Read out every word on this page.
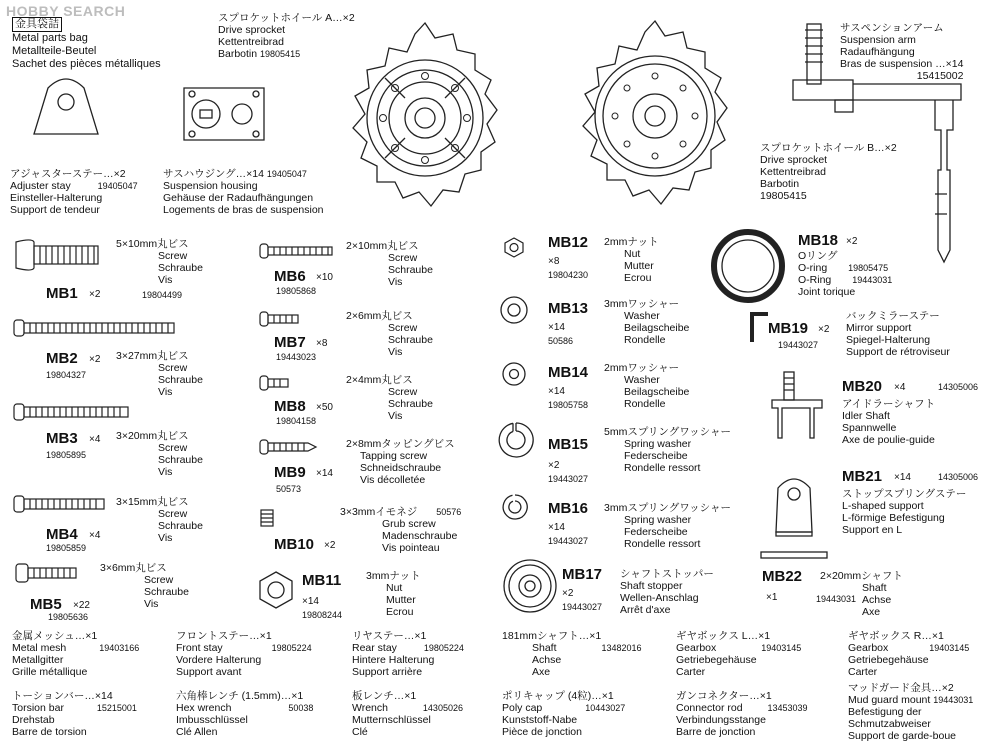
HOBBY SEARCH
金具袋詰
Metal parts bag
Metallteile-Beutel
Sachet des pièces métalliques
スプロケットホイール A…×2
Drive sprocket
Kettentreibrad
Barbotin 19805415
サスペンションアーム
Suspension arm
Radaufhängung
Bras de suspension …×14
15415002
アジャスターステー…×2
Adjuster stay	19405047
Einsteller-Halterung
Support de tendeur
サスハウジング…×14 19405047
Suspension housing
Gehäuse der Radaufhängungen
Logements de bras de suspension
スプロケットホイール B…×2
Drive sprocket
Kettentreibrad
Barbotin
19805415
MB1 ×2
5×10mm丸ビス
Screw
Schraube
Vis
19804499
MB2 ×2 3×27mm丸ビス
Screw
Schraube
Vis
19804327
MB3 ×4 3×20mm丸ビス
Screw
Schraube
Vis
19805895
MB4 ×4
3×15mm丸ビス
Screw
Schraube
Vis
19805859
MB5 ×22
3×6mm丸ビス
Screw
Schraube
Vis
19805636
MB6 ×10
2×10mm丸ビス
Screw
Schraube
Vis
19805868
MB7 ×8
2×6mm丸ビス
Screw
Schraube
Vis
19443023
MB8 ×50
2×4mm丸ビス
Screw
Schraube
Vis
19804158
MB9 ×14
2×8mmタッピングビス
Tapping screw
Schneidschraube
Vis décolletée
50573
MB10 ×2
3×3mmイモネジ 50576
Grub screw
Madenschraube
Vis pointeau
MB11
×14
19808244
3mmナット
Nut
Mutter
Ecrou
MB12
×8
19804230
2mmナット
Nut
Mutter
Ecrou
MB13
×14
50586
3mmワッシャー
Washer
Beilagscheibe
Rondelle
MB14
×14
19805758
2mmワッシャー
Washer
Beilagscheibe
Rondelle
MB15
×2
19443027
5mmスプリングワッシャー
Spring washer
Federscheibe
Rondelle ressort
MB16
×14
19443027
3mmスプリングワッシャー
Spring washer
Federscheibe
Rondelle ressort
MB17
×2
19443027
シャフトストッパー
Shaft stopper
Wellen-Anschlag
Arrêt d'axe
MB18 ×2
Oリング
O-ring 19805475
O-Ring 19443031
Joint torique
MB19 ×2
19443027
バックミラーステー
Mirror support
Spiegel-Halterung
Support de rétroviseur
MB20 ×4	14305006
アイドラーシャフト
Idler Shaft
Spannwelle
Axe de poulie-guide
MB21 ×14	14305006
ストップスプリングステー
L-shaped support
L-förmige Befestigung
Support en L
MB22
×1	19443031
2×20mmシャフト
Shaft
Achse
Axe
金属メッシュ…×1
Metal mesh	19403166
Metallgitter
Grille métallique
フロントステー…×1
Front stay	19805224
Vordere Halterung
Support avant
リヤステー…×1
Rear stay	19805224
Hintere Halterung
Support arrière
181mmシャフト…×1
Shaft	13482016
Achse
Axe
ギヤボックス L…×1
Gearbox	19403145
Getriebegehäuse
Carter
ギヤボックス R…×1
Gearbox	19403145
Getriebegehäuse
Carter
トーションバー…×14
Torsion bar	15215001
Drehstab
Barre de torsion
六角棒レンチ (1.5mm)…×1
Hex wrench	50038
Imbusschlüssel
Clé Allen
板レンチ…×1
Wrench	14305026
Mutternschlüssel
Clé
ポリキャップ (4粒)…×1
Poly cap	10443027
Kunststoff-Nabe
Pièce de jonction
ガンコネクター…×1
Connector rod	13453039
Verbindungsstange
Barre de jonction
マッドガード金具…×2
Mud guard mount 19443031
Befestigung der
Schmutzabweiser
Support de garde-boue
